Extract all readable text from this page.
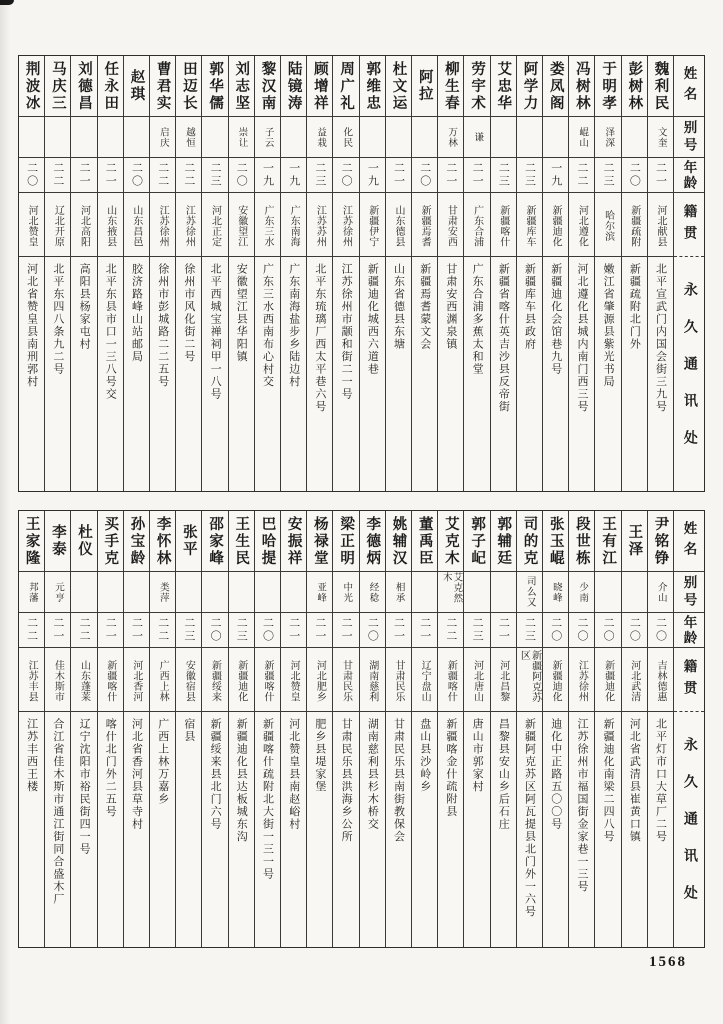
姓名
别号
年龄
籍贯
永久通讯处
魏利民
文奎
二一
河北献县
北平宣武门内国会街三九号
彭树林
二〇
新疆疏附
新疆疏附北门外
于明孝
泽深
二三
哈尔滨
嫩江省肇源县紫光书局
冯树林
崐山
二二
河北遵化
河北遵化县城内南门西三号
娄凤阁
一九
新疆迪化
新疆迪化会馆巷九号
阿学力
二三
新疆库车
新疆库车县政府
艾忠华
二三
新疆喀什
新疆省喀什英吉沙县反帝街
劳宇术
谦
二一
广东合浦
广东合浦多蕉太和堂
柳生春
万林
二一
甘肃安西
甘肃安西渊泉镇
阿拉
二〇
新疆焉耆
新疆焉耆蒙文会
杜文运
二一
山东德县
山东省德县东塘
郭维忠
一九
新疆伊宁
新疆迪化城西六道巷
周广礼
化民
二〇
江苏徐州
江苏徐州市颛和街二一号
顾增祥
益栽
二三
江苏苏州
北平东琉璃厂西太平巷六号
陆镜涛
一九
广东南海
广东南海盐步乡陆边村
黎汉南
子云
一九
广东三水
广东三水西南布心村交
刘志坚
崇让
二〇
安徽望江
安徽望江县华阳镇
郭华儒
二三
河北正定
北平西城宝禅祠甲一八号
田迈长
越恒
二二
江苏徐州
徐州市风化街二号
曹君实
启庆
二二
江苏徐州
徐州市彭城路二二五号
赵琪
二〇
山东昌邑
胶济路峰山站邮局
任永田
二一
山东掖县
北平东县市口一三八号交
刘德昌
二一
河北高阳
高阳县杨家屯村
马庆三
二二
辽北开原
北平东四八条九二号
荆波冰
二〇
河北赞皇
河北省赞皇县南刑郭村
姓名
别号
年龄
籍贯
永久通讯处
尹铭铮
介山
二〇
吉林德惠
北平灯市口大草厂二号
王泽
二〇
河北武清
河北省武清县崔黄口镇
王有江
二〇
新疆迪化
新疆迪化南梁二四八号
段世栋
少南
二〇
江苏徐州
江苏徐州市福国街金家巷一三号
张玉崐
晓峰
二〇
新疆迪化
迪化中正路五〇〇号
司的克
司么又
二三
新疆阿克苏区
新疆阿克苏区阿瓦提县北门外一六号
郭辅廷
二一
河北昌黎
昌黎县安山乡后石庄
郭子屺
二三
河北唐山
唐山市郭家村
艾克木
艾克然木
二二
新疆喀什
新疆喀金什疏附县
董禹臣
二一
辽宁盘山
盘山县沙岭乡
姚辅汉
相承
二一
甘肃民乐
甘肃民乐县南街教保会
李德炳
经稔
二〇
湖南慈利
湖南慈利县杉木桥交
梁正明
中光
二一
甘肃民乐
甘肃民乐县洪海乡公所
杨禄堂
亚峰
二一
河北肥乡
肥乡县堤家堡
安振祥
二一
河北赞皇
河北赞皇县南赵峪村
巴哈提
二〇
新疆喀什
新疆喀什疏附北大街一三一号
王生民
二三
新疆迪化
新疆迪化县达板城东沟
邵家峰
二〇
新疆绥来
新疆绥来县北门六号
张平
二三
安徽宿县
宿县
李怀林
类萍
二二
广西上林
广西上林万嘉乡
孙宝龄
二一
河北香河
河北省香河县草寺村
买手克
二一
新疆喀什
喀什北门外二五号
杜仪
二二
山东蓬莱
辽宁沈阳市裕民街四一号
李泰
元亨
二一
佳木斯市
合江省佳木斯市通江街同合盛木厂
王家隆
邦藩
二二
江苏丰县
江苏丰西王楼
1568
